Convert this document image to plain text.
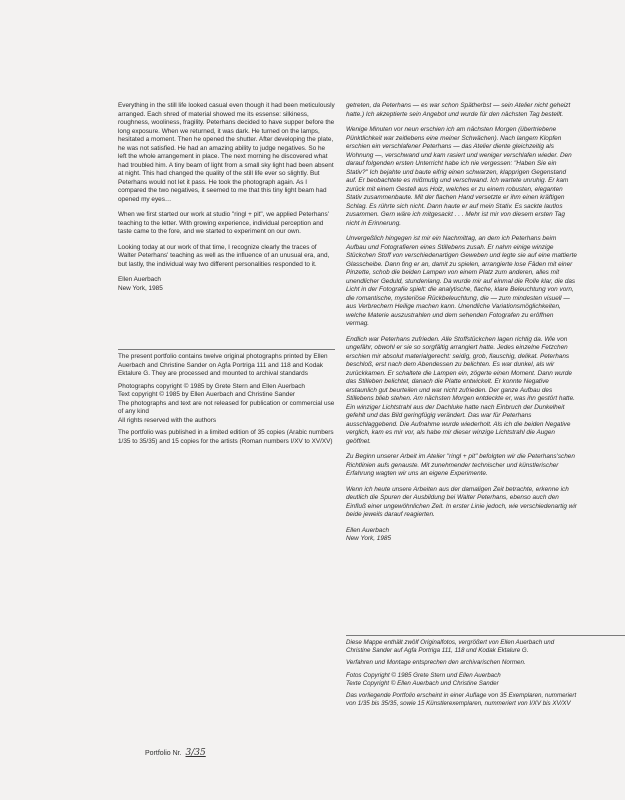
Everything in the still life looked casual even though it had been meticulously arranged. Each shred of material showed me its essense: silkiness, roughness, wooliness, fragility. Peterhans decided to have supper before the long exposure. When we returned, it was dark. He turned on the lamps, hesitated a moment. Then he opened the shutter. After developing the plate, he was not satisfied. He had an amazing ability to judge negatives. So he left the whole arrangement in place. The next morning he discovered what had troubled him. A tiny beam of light from a small sky light had been absent at night. This had changed the quality of the still life ever so slightly. But Peterhans would not let it pass. He took the photograph again. As I compared the two negatives, it seemed to me that this tiny light beam had opened my eyes…

When we first started our work at studio "ringl + pit", we applied Peterhans' teaching to the letter. With growing experience, individual perception and taste came to the fore, and we started to experiment on our own.

Looking today at our work of that time, I recognize clearly the traces of Walter Peterhans' teaching as well as the influence of an unusual era, and, but lastly, the individual way two different personalities responded to it.

Ellen Auerbach
New York, 1985

The present portfolio contains twelve original photographs printed by Ellen Auerbach and Christine Sander on Agfa Portriga 111 and 118 and Kodak Ektalure G. They are processed and mounted to archival standards

Photographs copyright © 1985 by Grete Stern and Ellen Auerbach
Text copyright © 1985 by Ellen Auerbach and Christine Sander
The photographs and text are not released for publication or commercial use of any kind
All rights reserved with the authors

The portfolio was published in a limited edition of 35 copies (Arabic numbers 1/35 to 35/35) and 15 copies for the artists (Roman numbers I/XV to XV/XV)

getreten, da Peterhans — es war schon Spätherbst — sein Atelier nicht geheizt hatte.) Ich akzeptierte sein Angebot und wurde für den nächsten Tag bestellt.

Wenige Minuten vor neun erschien ich am nächsten Morgen (übertriebene Pünktlichkeit war zeitlebens eine meiner Schwächen). Nach langem Klopfen erschien ein verschlafener Peterhans — das Atelier diente gleichzeitig als Wohnung —, verschwand und kam rasiert und weniger verschlafen wieder. Den darauf folgenden ersten Unterricht habe ich nie vergessen: "Haben Sie ein Stativ?" Ich bejahte und baute eifrig einen schwarzen, klapprigen Gegenstand auf. Er beobachtete es mißmutig und verschwand. Ich wartete unruhig. Er kam zurück mit einem Gestell aus Holz, welches er zu einem robusten, eleganten Stativ zusammenbaute. Mit der flachen Hand versetzte er ihm einen kräftigen Schlag. Es rührte sich nicht. Dann haute er auf mein Stativ. Es sackte lautlos zusammen. Gern wäre ich mitgesackt . . . Mehr ist mir von diesem ersten Tag nicht in Erinnerung.

Unvergeßlich hingegen ist mir ein Nachmittag, an dem ich Peterhans beim Aufbau und Fotografieren eines Stillebens zusah. Er nahm einige winzige Stückchen Stoff von verschiedenartigen Geweben und legte sie auf eine mattierte Glasscheibe. Dann fing er an, damit zu spielen, arrangierte lose Fäden mit einer Pinzette, schob die beiden Lampen von einem Platz zum anderen, alles mit unendlicher Geduld, stundenlang. Da wurde mir auf einmal die Rolle klar, die das Licht in der Fotografie spielt: die analytische, flache, klare Beleuchtung von vorn, die romantische, mysteriöse Rückbeleuchtung, die — zum mindesten visuell — aus Verbrechern Heilige machen kann. Unendliche Variationsmöglichkeiten, welche Materie auszustrahlen und dem sehenden Fotografen zu eröffnen vermag.

Endlich war Peterhans zufrieden. Alle Stoffstückchen lagen richtig da. Wie von ungefähr, obwohl er sie so sorgfältig arrangiert hatte. Jedes einzelne Fetzchen erschien mir absolut materialgerecht: seidig, grob, flauschig, delikat. Peterhans beschloß, erst nach dem Abendessen zu belichten. Es war dunkel, als wir zurückkamen. Er schaltete die Lampen ein, zögerte einen Moment. Dann wurde das Stilleben belichtet, danach die Platte entwickelt. Er konnte Negative erstaunlich gut beurteilen und war nicht zufrieden. Der ganze Aufbau des Stillebens blieb stehen. Am nächsten Morgen entdeckte er, was ihn gestört hatte. Ein winziger Lichtstrahl aus der Dachluke hatte nach Einbruch der Dunkelheit gefehlt und das Bild geringfügig verändert. Das war für Peterhans ausschlaggebend. Die Aufnahme wurde wiederholt. Als ich die beiden Negative verglich, kam es mir vor, als habe mir dieser winzige Lichtstrahl die Augen geöffnet.

Zu Beginn unserer Arbeit im Atelier "ringl + pit" befolgten wir die Peterhans'schen Richtlinien aufs genauste. Mit zunehmender technischer und künstlerischer Erfahrung wagten wir uns an eigene Experimente.

Wenn ich heute unsere Arbeiten aus der damaligen Zeit betrachte, erkenne ich deutlich die Spuren der Ausbildung bei Walter Peterhans, ebenso auch den Einfluß einer ungewöhnlichen Zeit. In erster Linie jedoch, wie verschiedenartig wir beide jeweils darauf reagierten.

Ellen Auerbach
New York, 1985

Diese Mappe enthält zwölf Originalfotos, vergrößert von Ellen Auerbach und Christine Sander auf Agfa Portriga 111, 118 und Kodak Ektalure G.

Verfahren und Montage entsprechen den archivarischen Normen.

Fotos Copyright © 1985 Grete Stern und Ellen Auerbach
Texte Copyright © Ellen Auerbach und Christine Sander

Das vorliegende Portfolio erscheint in einer Auflage von 35 Exemplaren, nummeriert von 1/35 bis 35/35, sowie 15 Künstlerexemplaren, nummeriert von I/XV bis XV/XV

Portfolio Nr. 3/35
